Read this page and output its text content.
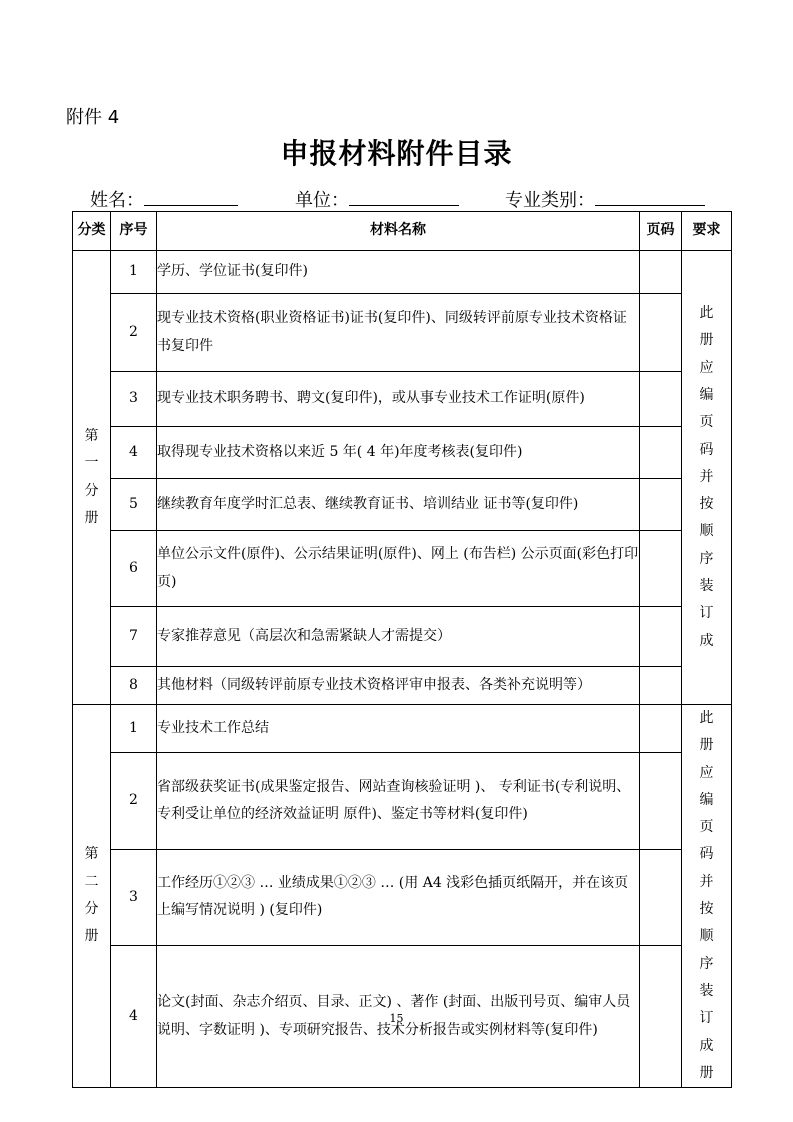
附件 4
申报材料附件目录
姓名：	单位：	专业类别：
分类	序号	材料名称	页码	要求
第一分册	1	学历、学位证书(复印件)		此册应编页码并按顺序装订成
	2	现专业技术资格(职业资格证书)证书(复印件)、同级转评前原专业技术资格证书复印件		
	3	现专业技术职务聘书、聘文(复印件)，或从事专业技术工作证明(原件)		
	4	取得现专业技术资格以来近 5 年( 4 年)年度考核表(复印件)		
	5	继续教育年度学时汇总表、继续教育证书、培训结业 证书等(复印件)		
	6	单位公示文件(原件)、公示结果证明(原件)、网上 (布告栏) 公示页面(彩色打印页)		
	7	专家推荐意见（高层次和急需紧缺人才需提交）		
	8	其他材料（同级转评前原专业技术资格评审申报表、各类补充说明等）		
第二分册	1	专业技术工作总结		此册应编页码并按顺序装订成册
	2	省部级获奖证书(成果鉴定报告、网站查询核验证明 )、 专利证书(专利说明、专利受让单位的经济效益证明 原件)、鉴定书等材料(复印件)		
	3	工作经历①②③ … 业绩成果①②③ … (用 A4 浅彩色插页纸隔开，并在该页上编写情况说明 ) (复印件)		
	4	论文(封面、杂志介绍页、目录、正文) 、著作 (封面、出版刊号页、编审人员说明、字数证明 )、专项研究报告、技术分析报告或实例材料等(复印件)		
15
